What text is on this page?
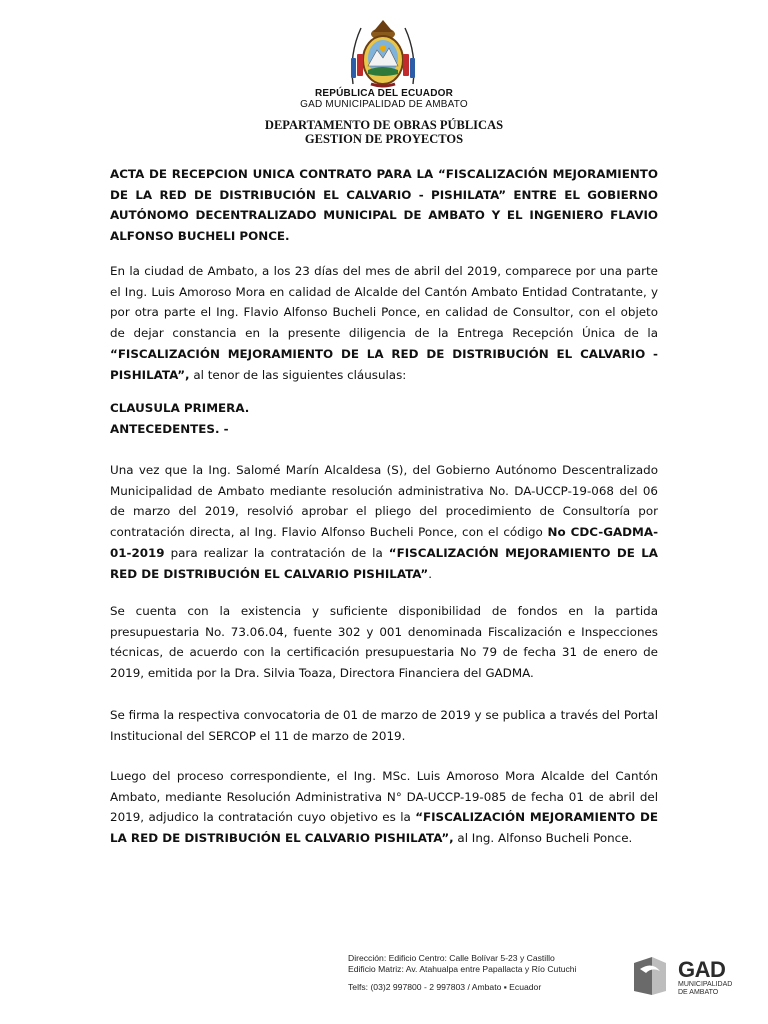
REPÚBLICA DEL ECUADOR
GAD MUNICIPALIDAD DE AMBATO
DEPARTAMENTO DE OBRAS PÚBLICAS
GESTION DE PROYECTOS
ACTA DE RECEPCION UNICA CONTRATO PARA LA “FISCALIZACIÓN MEJORAMIENTO DE LA RED DE DISTRIBUCIÓN EL CALVARIO - PISHILATA” ENTRE EL GOBIERNO AUTÓNOMO DECENTRALIZADO MUNICIPAL DE AMBATO Y EL INGENIERO FLAVIO ALFONSO BUCHELI PONCE.
En la ciudad de Ambato, a los 23 días del mes de abril del 2019, comparece por una parte el Ing. Luis Amoroso Mora en calidad de Alcalde del Cantón Ambato Entidad Contratante, y por otra parte el Ing. Flavio Alfonso Bucheli Ponce, en calidad de Consultor, con el objeto de dejar constancia en la presente diligencia de la Entrega Recepción Única de la “FISCALIZACIÓN MEJORAMIENTO DE LA RED DE DISTRIBUCIÓN EL CALVARIO - PISHILATA”, al tenor de las siguientes cláusulas:
CLAUSULA PRIMERA.
ANTECEDENTES. -
Una vez que la Ing. Salomé Marín Alcaldesa (S), del Gobierno Autónomo Descentralizado Municipalidad de Ambato mediante resolución administrativa No. DA-UCCP-19-068 del 06 de marzo del 2019, resolvió aprobar el pliego del procedimiento de Consultoría por contratación directa, al Ing. Flavio Alfonso Bucheli Ponce, con el código No CDC-GADMA-01-2019 para realizar la contratación de la “FISCALIZACIÓN MEJORAMIENTO DE LA RED DE DISTRIBUCIÓN EL CALVARIO PISHILATA”.
Se cuenta con la existencia y suficiente disponibilidad de fondos en la partida presupuestaria No. 73.06.04, fuente 302 y 001 denominada Fiscalización e Inspecciones técnicas, de acuerdo con la certificación presupuestaria No 79 de fecha 31 de enero de 2019, emitida por la Dra. Silvia Toaza, Directora Financiera del GADMA.
Se firma la respectiva convocatoria de 01 de marzo de 2019 y se publica a través del Portal Institucional del SERCOP el 11 de marzo de 2019.
Luego del proceso correspondiente, el Ing. MSc. Luis Amoroso Mora Alcalde del Cantón Ambato, mediante Resolución Administrativa N° DA-UCCP-19-085 de fecha 01 de abril del 2019, adjudico la contratación cuyo objetivo es la “FISCALIZACIÓN MEJORAMIENTO DE LA RED DE DISTRIBUCIÓN EL CALVARIO PISHILATA”, al Ing. Alfonso Bucheli Ponce.
Dirección: Edificio Centro: Calle Bolívar 5-23 y Castillo
Edificio Matriz: Av. Atahualpa entre Papallacta y Río Cutuchi
Telfs: (03)2 997800 - 2 997803 / Ambato ▪ Ecuador
GAD
MUNICIPALIDAD
DE AMBATO
